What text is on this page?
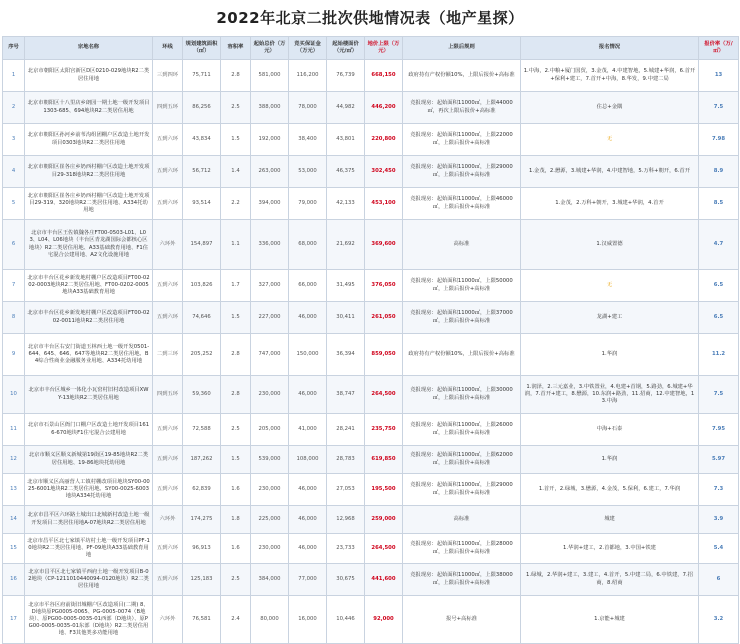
2022年北京二批次供地情况表（地产星探）
序号	宗地名称	环线	规划建筑面积（㎡）	容积率	起始总价（万元）	竞买保证金（万元）	起始楼面价（元/㎡）	地价上限（万元）	上限后规则	报名情况	报价率（万/㎡）
1	北京市朝阳区太阳宫新区D区0210-029地块R2二类居住用地	三到四环	75,711	2.8	581,000	116,200	76,739	668,150	政府持有产权份额10%，上限后报价+高标准	1.中海，2.中粮+厦门国贸，3.金茂，4.中建智地，5.城建+华润，6.首开+保利+建工，7.首开+中海，8.华发，9.中建二局	13
2	北京市朝阳区十八里店乡朗园一期土地一级开发项目1303-685、694地块R2二类居住用地	四到五环	86,256	2.5	388,000	78,000	44,982	446,200	竞报现房：起始面积11000㎡，上限44000㎡，再次上限后报价+高标准	住总+金隅	7.5
3	北京市朝阳区孙河乡前苇沟组团棚户区改造土地开发项目0303地块R2二类居住用地	五到六环	43,834	1.5	192,000	38,400	43,801	220,800	竞报现房：起始面积11000㎡，上限22000㎡，上限后报价+高标准	无	7.98
4	北京市朝阳区崔各庄乡奶西村棚户区改造土地开发项目29-318地块R2二类居住用地	五到六环	56,712	1.4	263,000	53,000	46,375	302,450	竞报现房：起始面积11000㎡，上限29000㎡，上限后报价+高标准	1.金茂，2.懋源，3.城建+华润，4.中建智地，5.万科+朝开，6.首开	8.9
5	北京市朝阳区崔各庄乡奶西村棚户区改造土地开发项目29-319、320地块R2二类居住用地、A334托幼用地	五到六环	93,514	2.2	394,000	79,000	42,133	453,100	竞报现房：起始面积11000㎡，上限46000㎡，上限后报价+高标准	1.金茂，2.万科+朝开，3.城建+华润，4.首开	8.5
6	北京市丰台区王佐镇魏各庄FT00-0503-L01、L03、L04、L06地块（丰台区青龙湖国际会都核心区地块）R2二类居住用地、A33基础教育用地、F1住宅混合公建用地、A2文化设施用地	六环外	154,897	1.1	336,000	68,000	21,692	369,600	高标准	1.汉威置德	4.7
7	北京市丰台区花乡新发地村棚户区改造项目FT00-0202-0003地块R2二类居住用地、FT00-0202-0005地块A33基础教育用地	五到六环	103,826	1.7	327,000	66,000	31,495	376,050	竞报现房：起始面积11000㎡，上限50000㎡，上限后报价+高标准	无	6.5
8	北京市丰台区花乡新发地村棚户区改造项目FT00-0202-0011地块R2二类居住用地	五到六环	74,646	1.5	227,000	46,000	30,411	261,050	竞报现房：起始面积11000㎡，上限37000㎡，上限后报价+高标准	龙湖+建工	6.5
9	北京市丰台区右安门街道玉林西土地一级开发0501-644、645、646、647等地块R2二类居住用地、B4综合性商业金融服务业用地、A334托幼用地	二到三环	205,252	2.8	747,000	150,000	36,394	859,050	政府持有产权份额10%，上限后报价+高标准	1.华润	11.2
10	北京市丰台区城乡一体化小瓦窑村旧村改造项目XWY-13地块R2二类居住用地	四到五环	59,360	2.8	230,000	46,000	38,747	264,500	竞报现房：起始面积11000㎡，上限30000㎡，上限后报价+高标准	1.润泽，2.三元嘉业，3.中铁置业，4.电建+首钢，5.路劲，6.城建+华润，7.首开+建工，8.懋源，10.东润+路劲，11.招商，12.中建智地，13.中海	7.5
11	北京市石景山区衙门口棚户区改造土地开发项目1616-670地块F1住宅混合公建用地	五到六环	72,588	2.5	205,000	41,000	28,241	235,750	竞报现房：起始面积11000㎡，上限26000㎡，上限后报价+高标准	中海+石泰	7.95
12	北京市顺义区顺义新城第19街区19-85地块R2二类居住用地、19-86地块托幼用地	五到六环	187,262	1.5	539,000	108,000	28,783	619,850	竞报现房：起始面积11000㎡，上限62000㎡，上限后报价+高标准	1.华润	5.97
13	北京市顺义区高丽营人工镇村棚改项目地块SY00-0025-6001地块R2二类居住用地、SY00-0025-6003地块A334托幼用地	五到六环	62,839	1.6	230,000	46,000	27,053	195,500	竞报现房：起始面积11000㎡，上限29000㎡，上限后报价+高标准	1.首开，2.绿城，3.懋源，4.金茂，5.保利，6.建工，7.华润	7.3
14	北京市昌平区六环路土城出口北城新村改造土地一级开发项目二类居住用地A-07地块R2二类居住用地	六环外	174,275	1.8	225,000	46,000	12,968	259,000	高标准	城建	3.9
15	北京市昌平区北七家镇平坊村土地一级开发项目PF-10地块R2二类居住用地、PF-09地块A33基础教育用地	五到六环	96,913	1.6	230,000	46,000	23,733	264,500	竞报现房：起始面积11000㎡，上限28000㎡，上限后报价+高标准	1.华润+建工，2.首都地，3.中国+铁建	5.4
16	北京市昌平区北七家镇平西府土地一级开发项目B-02地块（CP-1211010440094-0120地块）R2二类居住用地	五到六环	125,183	2.5	384,000	77,000	30,675	441,600	竞报现房：起始面积11000㎡，上限38000㎡，上限后报价+高标准	1.绿城，2.华润+建工，3.建工，4.首开，5.中建二局，6.中铁建，7.招商，8.绍商	6
17	北京市平谷区府前街旧城棚户区改造项目(二期) 8、D地块原PG0005-0065、PG-0005-0074（B地块）、原PG00-0005-0035-01西部（D地块）、原PG00-0005-0035-01东部（D地块）R2二类居住用地、F3其他类多功能用地	六环外	76,581	2.4	80,000	16,000	10,446	92,000	报号+高标准	1.京能+城建	3.2
